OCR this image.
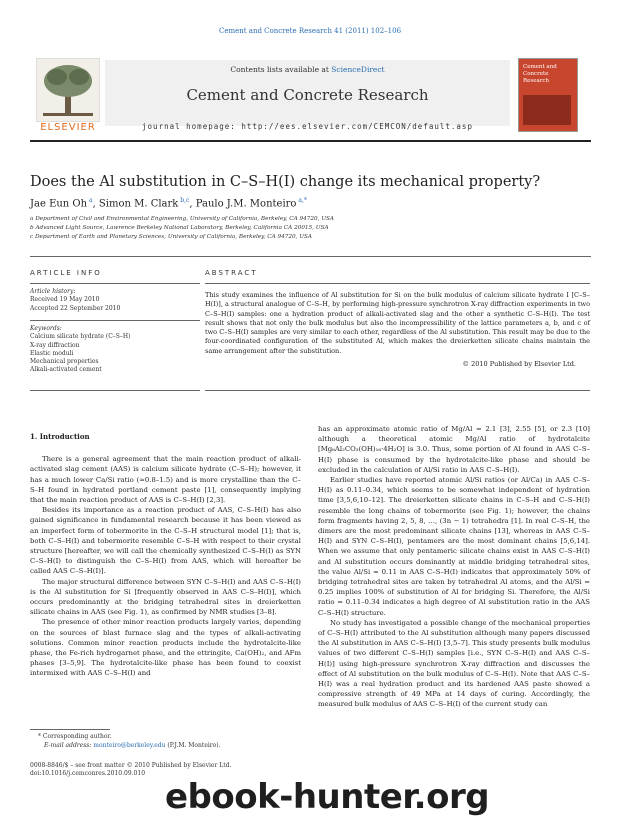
Cement and Concrete Research 41 (2011) 102–106
ELSEVIER
Contents lists available at ScienceDirect
Cement and Concrete Research
journal homepage: http://ees.elsevier.com/CEMCON/default.asp
Cement and Concrete Research
Does the Al substitution in C–S–H(I) change its mechanical property?
Jae Eun Oh $^a$, Simon M. Clark $^{b,c}$, Paulo J.M. Monteiro $^{a,*}$
a Department of Civil and Environmental Engineering, University of California, Berkeley, CA 94720, USA
b Advanced Light Source, Lawrence Berkeley National Laboratory, Berkeley, California CA 20015, USA
c Department of Earth and Planetary Sciences, University of California, Berkeley, CA 94720, USA
ARTICLE INFO
Article history:
Received 19 May 2010
Accepted 22 September 2010
Keywords:
Calcium silicate hydrate (C–S–H)
X-ray diffraction
Elastic moduli
Mechanical properties
Alkali-activated cement
ABSTRACT
This study examines the influence of Al substitution for Si on the bulk modulus of calcium silicate hydrate I [C–S–H(I)], a structural analogue of C–S–H, by performing high-pressure synchrotron X-ray diffraction experiments in two C–S–H(I) samples: one a hydration product of alkali-activated slag and the other a synthetic C–S–H(I). The test result shows that not only the bulk modulus but also the incompressibility of the lattice parameters a, b, and c of two C–S–H(I) samples are very similar to each other, regardless of the Al substitution. This result may be due to the four-coordinated configuration of the substituted Al, which makes the dreierketten silicate chains maintain the same arrangement after the substitution.
© 2010 Published by Elsevier Ltd.
1. Introduction

There is a general agreement that the main reaction product of alkali-activated slag cement (AAS) is calcium silicate hydrate (C–S–H); however, it has a much lower Ca/Si ratio (≈0.8–1.5) and is more crystalline than the C–S–H found in hydrated portland cement paste [1], consequently implying that the main reaction product of AAS is C–S–H(I) [2,3].

Besides its importance as a reaction product of AAS, C–S–H(I) has also gained significance in fundamental research because it has been viewed as an imperfect form of tobermorite in the C–S–H structural model [1]; that is, both C–S–H(I) and tobermorite resemble C–S–H with respect to their crystal structure [hereafter, we will call the chemically synthesized C–S–H(I) as SYN C–S–H(I) to distinguish the C–S–H(I) from AAS, which will hereafter be called AAS C–S–H(I)].

The major structural difference between SYN C–S–H(I) and AAS C–S–H(I) is the Al substitution for Si [frequently observed in AAS C–S–H(I)], which occurs predominantly at the bridging tetrahedral sites in dreierketten silicate chains in AAS (see Fig. 1), as confirmed by NMR studies [3–8].

The presence of other minor reaction products largely varies, depending on the sources of blast furnace slag and the types of alkali-activating solutions. Common minor reaction products include the hydrotalcite-like phase, the Fe-rich hydrogarnet phase, and the ettringite, Ca(OH)₂, and AFm phases [3–5,9]. The hydrotalcite-like phase has been found to coexist intermixed with AAS C–S–H(I) and

has an approximate atomic ratio of Mg/Al = 2.1 [3], 2.55 [5], or 2.3 [10] although a theoretical atomic Mg/Al ratio of hydrotalcite [Mg₆Al₂CO₃(OH)₁₆·4H₂O] is 3.0. Thus, some portion of Al found in AAS C–S–H(I) phase is consumed by the hydrotalcite-like phase and should be excluded in the calculation of Al/Si ratio in AAS C–S–H(I).

Earlier studies have reported atomic Al/Si ratios (or Al/Ca) in AAS C–S–H(I) as 0.11–0.34, which seems to be somewhat independent of hydration time [3,5,6,10–12]. The dreierketten silicate chains in C–S–H and C–S–H(I) resemble the long chains of tobermorite (see Fig. 1); however, the chains form fragments having 2, 5, 8, …, (3n − 1) tetrahedra [1]. In real C–S–H, the dimers are the most predominant silicate chains [13], whereas in AAS C–S–H(I) and SYN C–S–H(I), pentamers are the most dominant chains [5,6,14]. When we assume that only pentameric silicate chains exist in AAS C–S–H(I) and Al substitution occurs dominantly at middle bridging tetrahedral sites, the value Al/Si = 0.11 in AAS C–S–H(I) indicates that approximately 50% of bridging tetrahedral sites are taken by tetrahedral Al atoms, and the Al/Si = 0.25 implies 100% of substitution of Al for bridging Si. Therefore, the Al/Si ratio = 0.11–0.34 indicates a high degree of Al substitution ratio in the AAS C–S–H(I) structure.

No study has investigated a possible change of the mechanical properties of C–S–H(I) attributed to the Al substitution although many papers discussed the Al substitution in AAS C–S–H(I) [3,5–7]. This study presents bulk modulus values of two different C–S–H(I) samples [i.e., SYN C–S–H(I) and AAS C–S–H(I)] using high-pressure synchrotron X-ray diffraction and discusses the effect of Al substitution on the bulk modulus of C–S–H(I). Note that AAS C–S–H(I) was a real hydration product and its hardened AAS paste showed a compressive strength of 49 MPa at 14 days of curing. Accordingly, the measured bulk modulus of AAS C–S–H(I) of the current study can

* Corresponding author.
E-mail address: monteiro@berkeley.edu (P.J.M. Monteiro).
0008-8846/$ – see front matter © 2010 Published by Elsevier Ltd.
doi:10.1016/j.cemconres.2010.09.010
ebook-hunter.org
